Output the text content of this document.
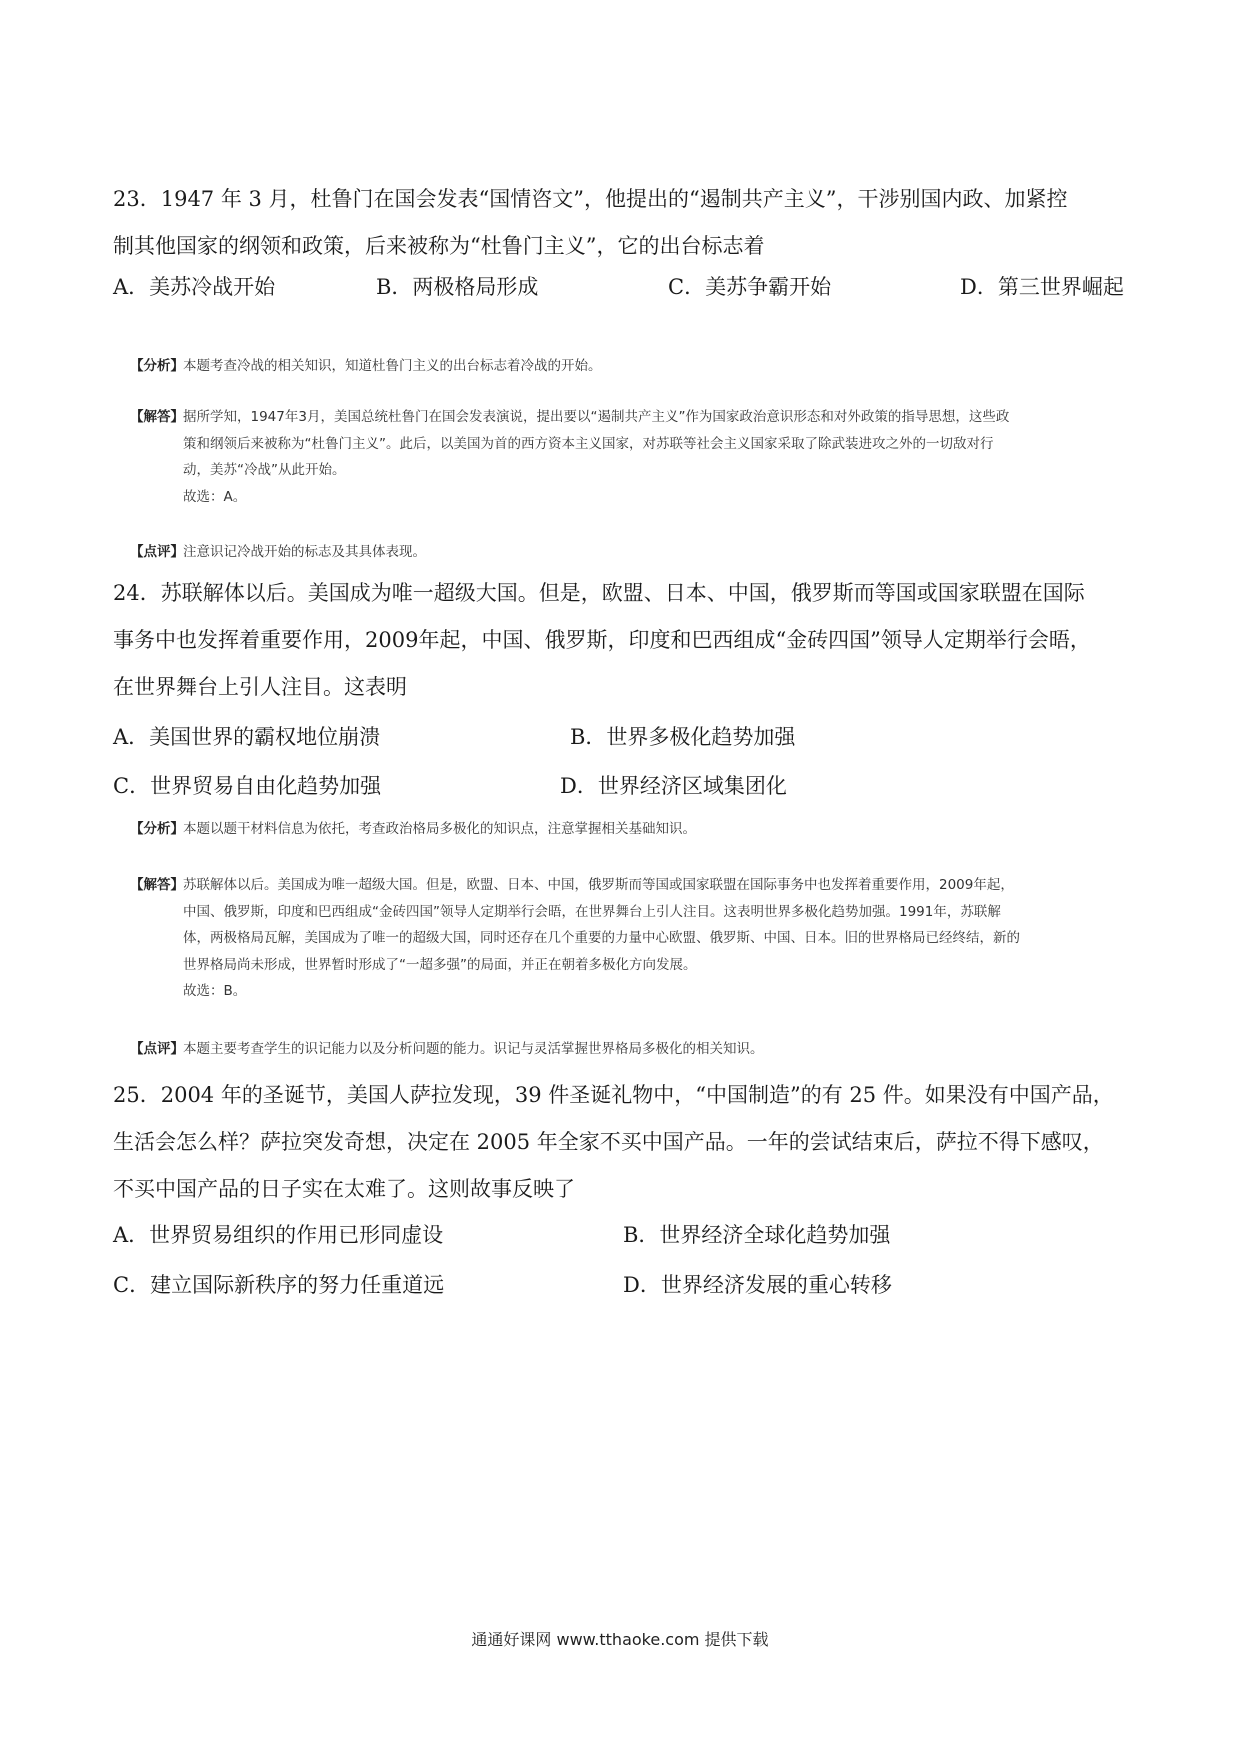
23．1947 年 3 月，杜鲁门在国会发表“国情咨文”，他提出的“遏制共产主义”，干涉别国内政、加紧控

制其他国家的纲领和政策，后来被称为“杜鲁门主义”，它的出台标志着

A．美苏冷战开始	B．两极格局形成	C．美苏争霸开始	D．第三世界崛起
【分析】 本题考查冷战的相关知识，知道杜鲁门主义的出台标志着冷战的开始。

【解答】 据所学知，1947年3月，美国总统杜鲁门在国会发表演说，提出要以“遏制共产主义”作为国家政治意识形态和对外政策的指导思想，这些政

策和纲领后来被称为“杜鲁门主义”。此后，以美国为首的西方资本主义国家，对苏联等社会主义国家采取了除武装进攻之外的一切敌对行

动，美苏“冷战”从此开始。

故选：A。

【点评】 注意识记冷战开始的标志及其具体表现。

24．苏联解体以后。美国成为唯一超级大国。但是，欧盟、日本、中国，俄罗斯而等国或国家联盟在国际

事务中也发挥着重要作用，2009年起，中国、俄罗斯，印度和巴西组成“金砖四国”领导人定期举行会晤，

在世界舞台上引人注目。这表明

A．美国世界的霸权地位崩溃	B．世界多极化趋势加强
C．世界贸易自由化趋势加强	D．世界经济区域集团化
【分析】 本题以题干材料信息为依托，考查政治格局多极化的知识点，注意掌握相关基础知识。

【解答】 苏联解体以后。美国成为唯一超级大国。但是，欧盟、日本、中国，俄罗斯而等国或国家联盟在国际事务中也发挥着重要作用，2009年起，

中国、俄罗斯，印度和巴西组成“金砖四国”领导人定期举行会晤，在世界舞台上引人注目。这表明世界多极化趋势加强。1991年，苏联解

体，两极格局瓦解，美国成为了唯一的超级大国，同时还存在几个重要的力量中心欧盟、俄罗斯、中国、日本。旧的世界格局已经终结，新的

世界格局尚未形成，世界暂时形成了“一超多强”的局面，并正在朝着多极化方向发展。

故选：B。

【点评】 本题主要考查学生的识记能力以及分析问题的能力。识记与灵活掌握世界格局多极化的相关知识。

25．2004 年的圣诞节，美国人萨拉发现，39 件圣诞礼物中，“中国制造”的有 25 件。如果没有中国产品，

生活会怎么样？萨拉突发奇想，决定在 2005 年全家不买中国产品。一年的尝试结束后，萨拉不得下感叹，

不买中国产品的日子实在太难了。这则故事反映了

A．世界贸易组织的作用已形同虚设	B．世界经济全球化趋势加强
C．建立国际新秩序的努力任重道远	D．世界经济发展的重心转移
通通好课网 www.tthaoke.com 提供下载
